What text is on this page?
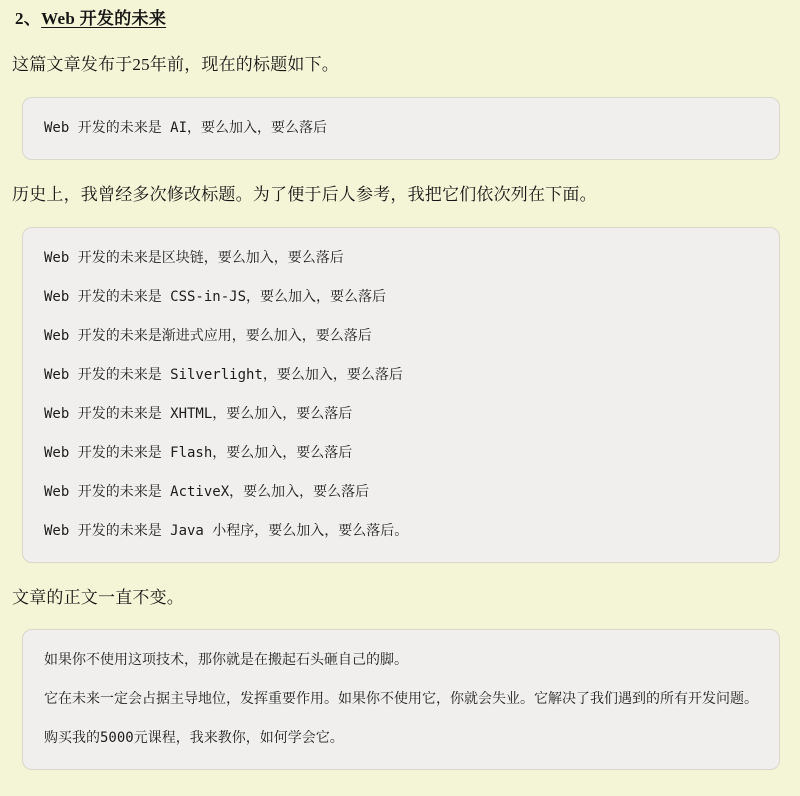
2、Web 开发的未来

这篇文章发布于25年前，现在的标题如下。

Web 开发的未来是 AI，要么加入，要么落后

历史上，我曾经多次修改标题。为了便于后人参考，我把它们依次列在下面。

Web 开发的未来是区块链，要么加入，要么落后

Web 开发的未来是 CSS-in-JS，要么加入，要么落后

Web 开发的未来是渐进式应用，要么加入，要么落后

Web 开发的未来是 Silverlight，要么加入，要么落后

Web 开发的未来是 XHTML，要么加入，要么落后

Web 开发的未来是 Flash，要么加入，要么落后

Web 开发的未来是 ActiveX，要么加入，要么落后

Web 开发的未来是 Java 小程序，要么加入，要么落后。

文章的正文一直不变。

如果你不使用这项技术，那你就是在搬起石头砸自己的脚。

它在未来一定会占据主导地位，发挥重要作用。如果你不使用它，你就会失业。它解决了我们遇到的所有开发问题。

购买我的5000元课程，我来教你，如何学会它。
